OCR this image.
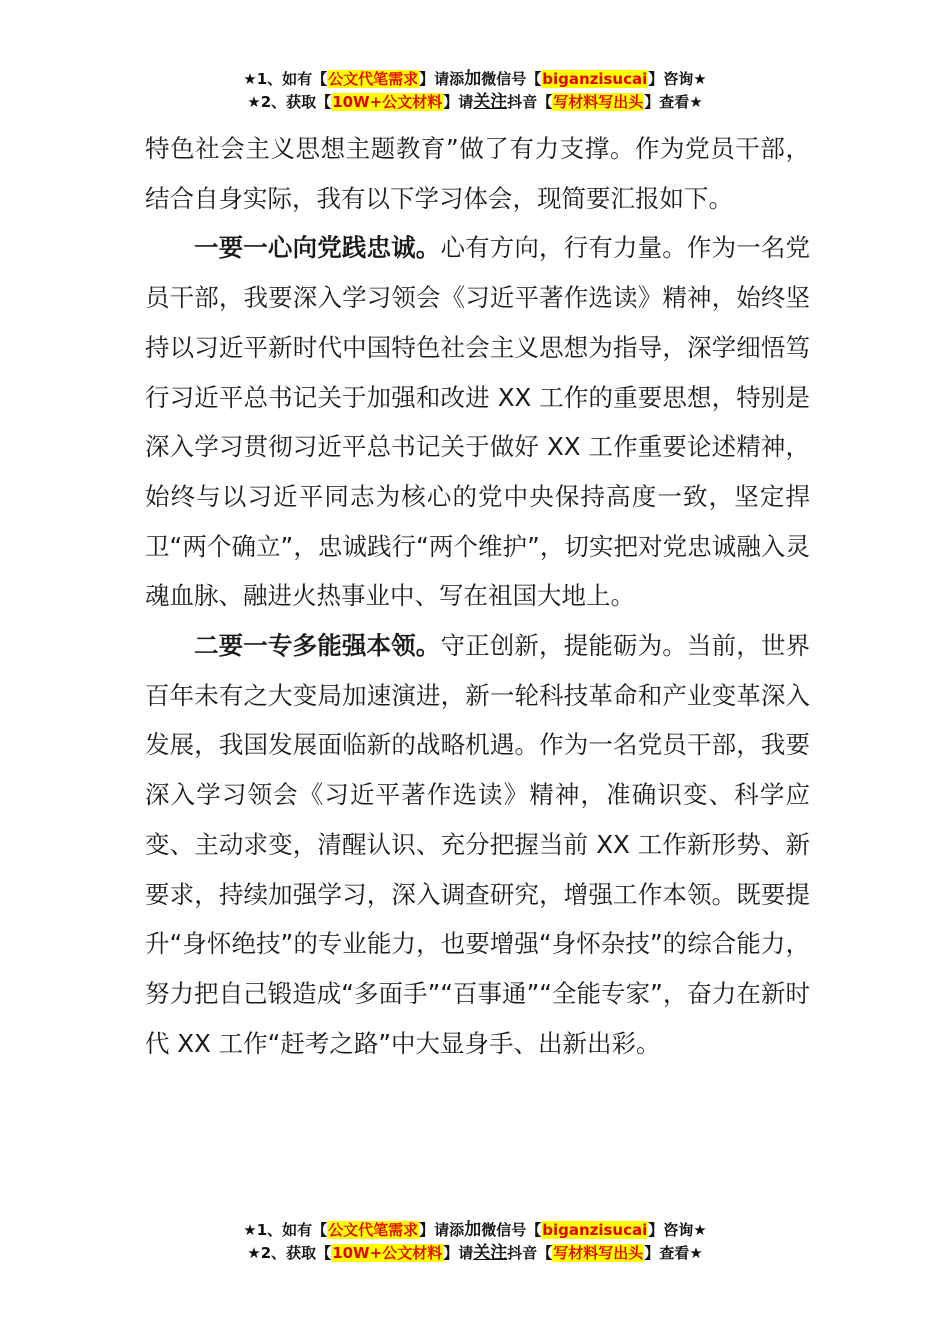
★1、如有【公文代笔需求】请添加微信号【biganzisucai】咨询★
★2、获取【10W+公文材料】请关注抖音【写材料写出头】查看★

特色社会主义思想主题教育”做了有力支撑。作为党员干部，结合自身实际，我有以下学习体会，现简要汇报如下。

一要一心向党践忠诚。心有方向，行有力量。作为一名党员干部，我要深入学习领会《习近平著作选读》精神，始终坚持以习近平新时代中国特色社会主义思想为指导，深学细悟笃行习近平总书记关于加强和改进 XX 工作的重要思想，特别是深入学习贯彻习近平总书记关于做好 XX 工作重要论述精神，始终与以习近平同志为核心的党中央保持高度一致，坚定捍卫“两个确立”，忠诚践行“两个维护”，切实把对党忠诚融入灵魂血脉、融进火热事业中、写在祖国大地上。

二要一专多能强本领。守正创新，提能砺为。当前，世界百年未有之大变局加速演进，新一轮科技革命和产业变革深入发展，我国发展面临新的战略机遇。作为一名党员干部，我要深入学习领会《习近平著作选读》精神，准确识变、科学应变、主动求变，清醒认识、充分把握当前 XX 工作新形势、新要求，持续加强学习，深入调查研究，增强工作本领。既要提升“身怀绝技”的专业能力，也要增强“身怀杂技”的综合能力，努力把自己锻造成“多面手”“百事通”“全能专家”，奋力在新时代 XX 工作“赶考之路”中大显身手、出新出彩。

★1、如有【公文代笔需求】请添加微信号【biganzisucai】咨询★
★2、获取【10W+公文材料】请关注抖音【写材料写出头】查看★
